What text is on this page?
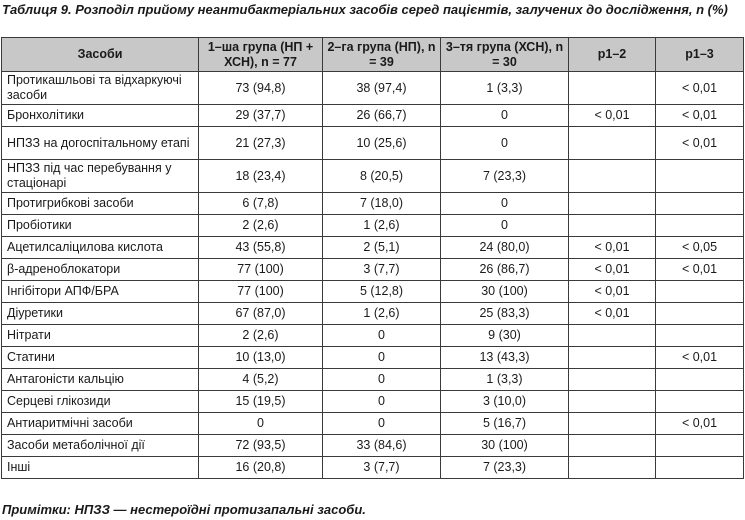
Таблиця 9. Розподіл прийому неантибактеріальних засобів серед пацієнтів, залучених до дослідження, n (%)

Засоби	1–ша група (НП + ХСН), n = 77	2–га група (НП), n = 39	3–тя група (ХСН), n = 30	p1–2	p1–3
Протикашльові та відхаркуючі засоби	73 (94,8)	38 (97,4)	1 (3,3)		< 0,01
Бронхолітики	29 (37,7)	26 (66,7)	0	< 0,01	< 0,01
НПЗЗ на догоспітальному етапі	21 (27,3)	10 (25,6)	0		< 0,01
НПЗЗ під час перебування у стаціонарі	18 (23,4)	8 (20,5)	7 (23,3)		
Протигрибкові засоби	6 (7,8)	7 (18,0)	0		
Пробіотики	2 (2,6)	1 (2,6)	0		
Ацетилсаліцилова кислота	43 (55,8)	2 (5,1)	24 (80,0)	< 0,01	< 0,05
β-адреноблокатори	77 (100)	3 (7,7)	26 (86,7)	< 0,01	< 0,01
Інгібітори АПФ/БРА	77 (100)	5 (12,8)	30 (100)	< 0,01	
Діуретики	67 (87,0)	1 (2,6)	25 (83,3)	< 0,01	
Нітрати	2 (2,6)	0	9 (30)		
Статини	10 (13,0)	0	13 (43,3)		< 0,01
Антагоністи кальцію	4 (5,2)	0	1 (3,3)		
Серцеві глікозиди	15 (19,5)	0	3 (10,0)		
Антиаритмічні засоби	0	0	5 (16,7)		< 0,01
Засоби метаболічної дії	72 (93,5)	33 (84,6)	30 (100)		
Інші	16 (20,8)	3 (7,7)	7 (23,3)		

Примітки: НПЗЗ — нестероїдні протизапальні засоби.
